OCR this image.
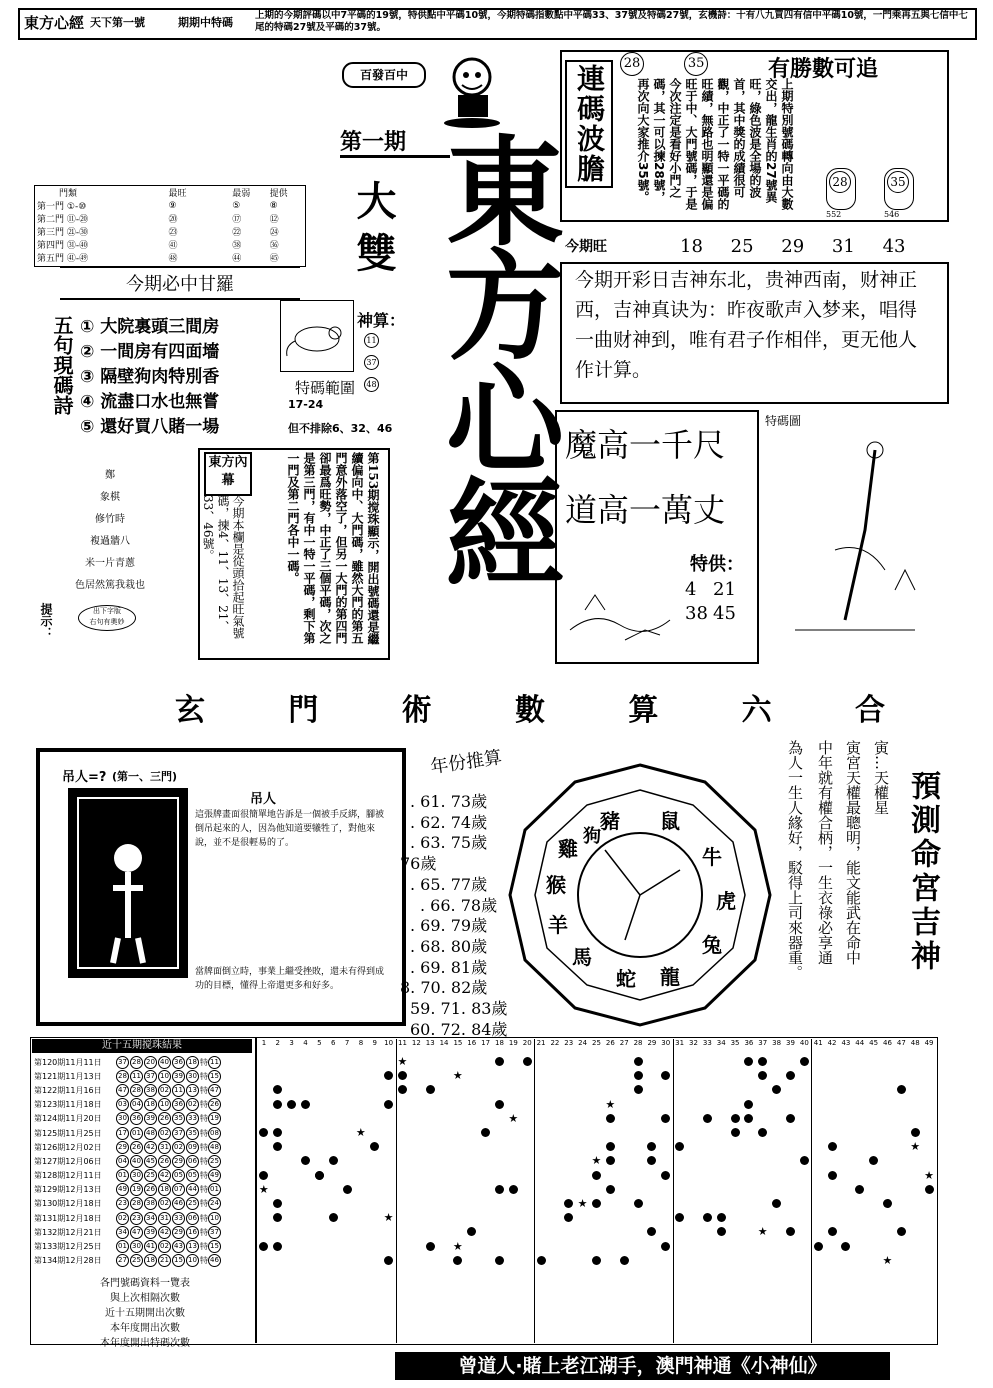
東方心經 天下第一號	期期中特碼
上期的今期評碼以中7平碼的19號，特供點中平碼10號，今期特碼指數點中平碼33、37號及特碼27號，玄機詩：十有八九買四有信中平碼10號，一門乘再五與七信中七尾的特碼27號及平碼的37號。
百發百中
第一期 東方心經
大雙
門類	最旺	最弱	提供
第一門 ①-⑩	⑨	⑤	⑧
第二門 ⑪-⑳	⑳	⑰	⑫
第三門 ㉑-㉚	㉓	㉒	㉔
第四門 ㉛-㊵	㊶	㊳	㊱
第五門 ㊶-㊾	㊽	㊹	㊺
今期必中甘羅
五句現碼詩 ① 大院裏頭三間房
② 一間房有四面墻
③ 隔壁狗肉特別香
④ 流盡口水也無嘗
⑤ 還好買八賭一場
神算：
11
37
48
特碼範圍
17-24
但不排除6、32、46
鄭
象棋
修竹時
複過牆八
米一片青蔥
色居然篤我栽也
提示：	出下字版
右句有奧妙
東方內幕
今期本欄是從頭拾起旺氣號碼，揀4、11、13、21、33、46號。	第153期搅珠顯示，開出號碼還是繼續偏向中、大門碼，雖然大門的第五門意外落空了，但另一大門的第四門卻最爲旺勢，中正了三個平碼，次之是第三門，有中一特一平碼，剩下第一門及第二門各中一碼。
有勝數可追
28	35
連碼波膽	上期特別號碼轉向由大數交出，龍生肖的27號異旺，綠色波是全場的波首，其中獎的成績很可觀，中正了一特一平碼的旺績，無路也明顯還是偏旺于中、大門號碼，于是今次注定是看好小門之碼，其一可以揀28號，再次向大家推介35號。	28
552
35
546
今期旺	18 25 29 31 43
今期开彩日吉神东北，贵神西南，财神正西，吉神真诀为：昨夜歌声入梦来，唱得一曲财神到，唯有君子作相伴，更无他人作计算。
魔高一千尺
道高一萬丈
特供：
4 21
38 45
特碼圖
玄	門	術	數	算	六	合
吊人=? (第一、三門)
吊人
這張牌畫面很簡單地告訴是一個被手反綁，腳被倒吊起來的人，因為他知道要犧牲了，對他來說，並不是很輕易的了。
當牌面倒立時，事業上繼受挫敗，還未有得到成功的目標，懂得上帝還更多和好多。
年份推算
. 61. 73歲
. 62. 74歲
. 63. 75歲
76歲
. 65. 77歲
. 66. 78歲
. 69. 79歲
. 68. 80歲
. 69. 81歲
8. 70. 82歲
59. 71. 83歲
60. 72. 84歲
豬	鼠
牛
虎
兔
龍
蛇
馬
羊
猴
雞
狗	預測命宮吉神
寅…天權星
寅宮天權最聰明，能文能武在命中
中年就有權合柄，一生衣祿必享通
為人一生人緣好，駁得上司來器重。
近十五期搅珠結果
第120期11月11日	37 28 20 40 36 18 特 11
第121期11月13日	28 11 37 10 39 30 特 15
第122期11月16日	47 28 38 02 11 13 特 47
第123期11月18日	03 04 18 10 36 02 特 26
第124期11月20日	30 36 39 26 35 33 特 19
第125期11月25日	17 01 48 02 37 35 特 08
第126期12月02日	29 26 42 31 02 09 特 48
第127期12月06日	04 40 45 26 29 06 特 25
第128期12月11日	01 30 25 42 05 05 特 49
第129期12月13日	49 19 26 18 07 44 特 01
第130期12月18日	23 28 38 02 46 25 特 24
第131期12月18日	02 23 34 31 33 06 特 10
第132期12月21日	34 47 39 42 29 16 特 37
第133期12月25日	01 30 41 02 43 13 特 15
第134期12月28日	27 25 18 21 15 10 特 46
1	2	3	4	5	6	7	8	9	10 11 12 13 14 15 16 17 18 19 20 21 22 23 24 25 26 27 28 29 30 31 32 33 34 35 36 37 38 39 40 41 42 43 44 45 46 47 48 49
★
★
★
★
★
★
★
★
★
★
★
★
★
★
★
各門號碼資料一覽表
與上次相隔次數
近十五期開出次數
本年度開出次數
本年度開出特碼次數
曾道人·賭上老江湖手，澳門神通《小神仙》
